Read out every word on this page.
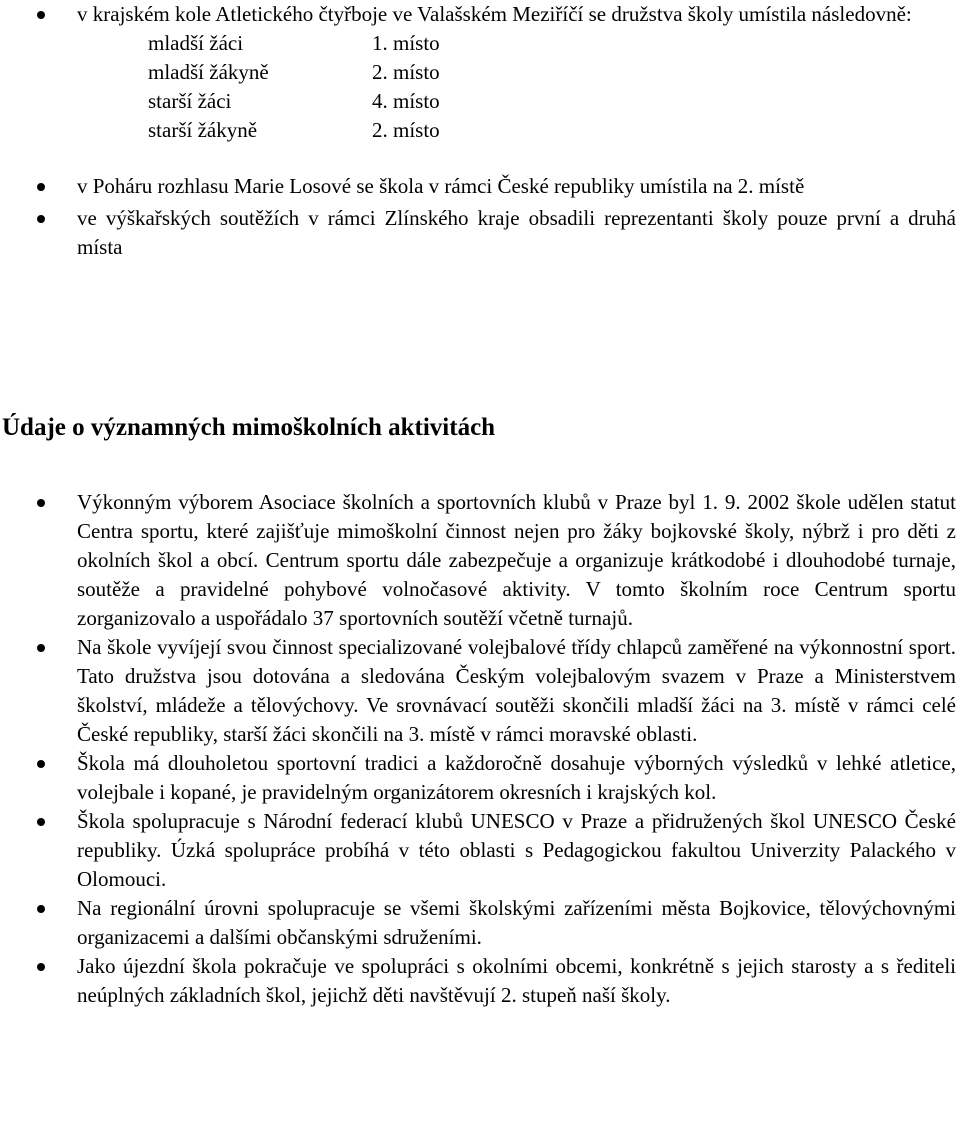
v krajském kole Atletického čtyřboje ve Valašském Meziříčí se družstva školy umístila následovně:
mladší žáci	1. místo
mladší žákyně	2. místo
starší žáci	4. místo
starší žákyně	2. místo
v Poháru rozhlasu Marie Losové se škola v rámci České republiky umístila na 2. místě
ve výškařských soutěžích v rámci Zlínského kraje obsadili reprezentanti školy pouze první a druhá místa
Údaje o významných mimoškolních aktivitách
Výkonným výborem Asociace školních a sportovních klubů v Praze byl 1. 9. 2002 škole udělen statut Centra sportu, které zajišťuje mimoškolní činnost nejen pro žáky bojkovské školy, nýbrž i pro děti z okolních škol a obcí. Centrum sportu dále zabezpečuje a organizuje krátkodobé i dlouhodobé turnaje, soutěže a pravidelné pohybové volnočasové aktivity. V tomto školním roce Centrum sportu zorganizovalo a uspořádalo 37 sportovních soutěží včetně turnajů.
Na škole vyvíjejí svou činnost specializované volejbalové třídy chlapců zaměřené na výkonnostní sport. Tato družstva jsou dotována a sledována Českým volejbalovým svazem v Praze a Ministerstvem školství, mládeže a tělovýchovy. Ve srovnávací soutěži skončili mladší žáci na 3. místě v rámci celé České republiky, starší žáci skončili na 3. místě v rámci moravské oblasti.
Škola má dlouholetou sportovní tradici a každoročně dosahuje výborných výsledků v lehké atletice, volejbale i kopané, je pravidelným organizátorem okresních i krajských kol.
Škola spolupracuje s Národní federací klubů UNESCO v Praze a přidružených škol UNESCO České republiky. Úzká spolupráce probíhá v této oblasti s Pedagogickou fakultou Univerzity Palackého v Olomouci.
Na regionální úrovni spolupracuje se všemi školskými zařízeními města Bojkovice, tělovýchovnými organizacemi a dalšími občanskými sdruženími.
Jako újezdní škola pokračuje ve spolupráci s okolními obcemi, konkrétně s jejich starosty a s řediteli neúplných základních škol, jejichž děti navštěvují 2. stupeň naší školy.
